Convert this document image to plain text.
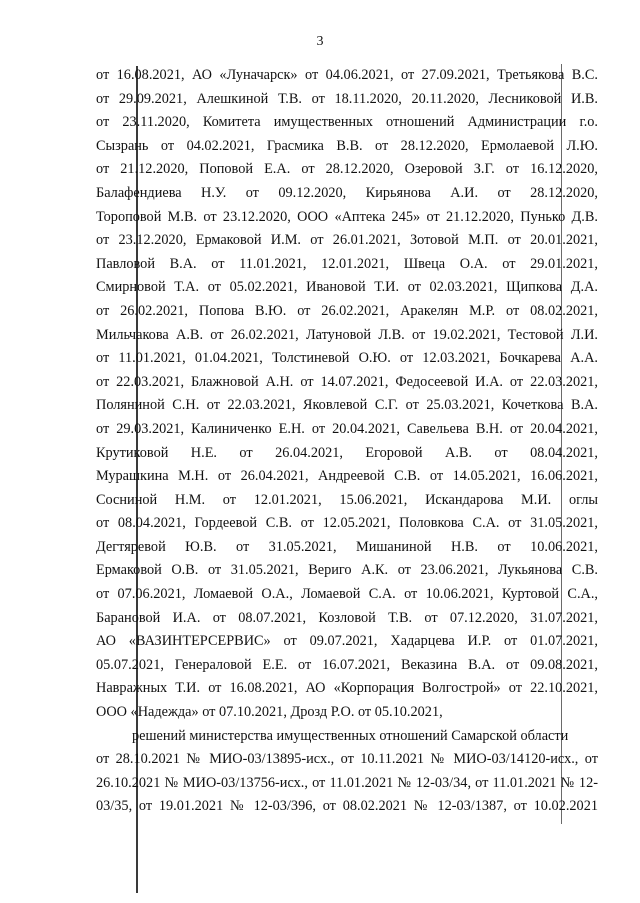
3
от 16.08.2021, АО «Луначарск» от 04.06.2021, от 27.09.2021, Третьякова В.С.
от 29.09.2021, Алешкиной Т.В. от 18.11.2020, 20.11.2020, Лесниковой И.В.
от 23.11.2020, Комитета имущественных отношений Администрации г.о.
Сызрань от 04.02.2021, Грасмика В.В. от 28.12.2020, Ермолаевой Л.Ю.
от 21.12.2020, Поповой Е.А. от 28.12.2020, Озеровой З.Г. от 16.12.2020,
Балафендиева Н.У. от 09.12.2020, Кирьянова А.И. от 28.12.2020,
Тороповой М.В. от 23.12.2020, ООО «Аптека 245» от 21.12.2020, Пунько Д.В.
от 23.12.2020, Ермаковой И.М. от 26.01.2021, Зотовой М.П. от 20.01.2021,
Павловой В.А. от 11.01.2021, 12.01.2021, Швеца О.А. от 29.01.2021,
Смирновой Т.А. от 05.02.2021, Ивановой Т.И. от 02.03.2021, Щипкова Д.А.
от 26.02.2021, Попова В.Ю. от 26.02.2021, Аракелян М.Р. от 08.02.2021,
Мильчакова А.В. от 26.02.2021, Латуновой Л.В. от 19.02.2021, Тестовой Л.И.
от 11.01.2021, 01.04.2021, Толстиневой О.Ю. от 12.03.2021, Бочкарева А.А.
от 22.03.2021, Блажновой А.Н. от 14.07.2021, Федосеевой И.А. от 22.03.2021,
Поляниной С.Н. от 22.03.2021, Яковлевой С.Г. от 25.03.2021, Кочеткова В.А.
от 29.03.2021, Калиниченко Е.Н. от 20.04.2021, Савельева В.Н. от 20.04.2021,
Крутиковой Н.Е. от 26.04.2021, Егоровой А.В. от 08.04.2021,
Мурашкина М.Н. от 26.04.2021, Андреевой С.В. от 14.05.2021, 16.06.2021,
Сосниной Н.М. от 12.01.2021, 15.06.2021, Искандарова М.И. оглы
от 08.04.2021, Гордеевой С.В. от 12.05.2021, Половкова С.А. от 31.05.2021,
Дегтяревой Ю.В. от 31.05.2021, Мишаниной Н.В. от 10.06.2021,
Ермаковой О.В. от 31.05.2021, Вериго А.К. от 23.06.2021, Лукьянова С.В.
от 07.06.2021, Ломаевой О.А., Ломаевой С.А. от 10.06.2021, Куртовой С.А.,
Барановой И.А. от 08.07.2021, Козловой Т.В. от 07.12.2020, 31.07.2021,
АО «ВАЗИНТЕРСЕРВИС» от 09.07.2021, Хадарцева И.Р. от 01.07.2021,
05.07.2021, Генераловой Е.Е. от 16.07.2021, Веказина В.А. от 09.08.2021,
Навражных Т.И. от 16.08.2021, АО «Корпорация Волгострой» от 22.10.2021,
ООО «Надежда» от 07.10.2021, Дрозд Р.О. от 05.10.2021,
решений министерства имущественных отношений Самарской области
от 28.10.2021 № МИО-03/13895-исх., от 10.11.2021 № МИО-03/14120-исх., от
26.10.2021 № МИО-03/13756-исх., от 11.01.2021 № 12-03/34, от 11.01.2021 № 12-
03/35, от 19.01.2021 № 12-03/396, от 08.02.2021 № 12-03/1387, от 10.02.2021
